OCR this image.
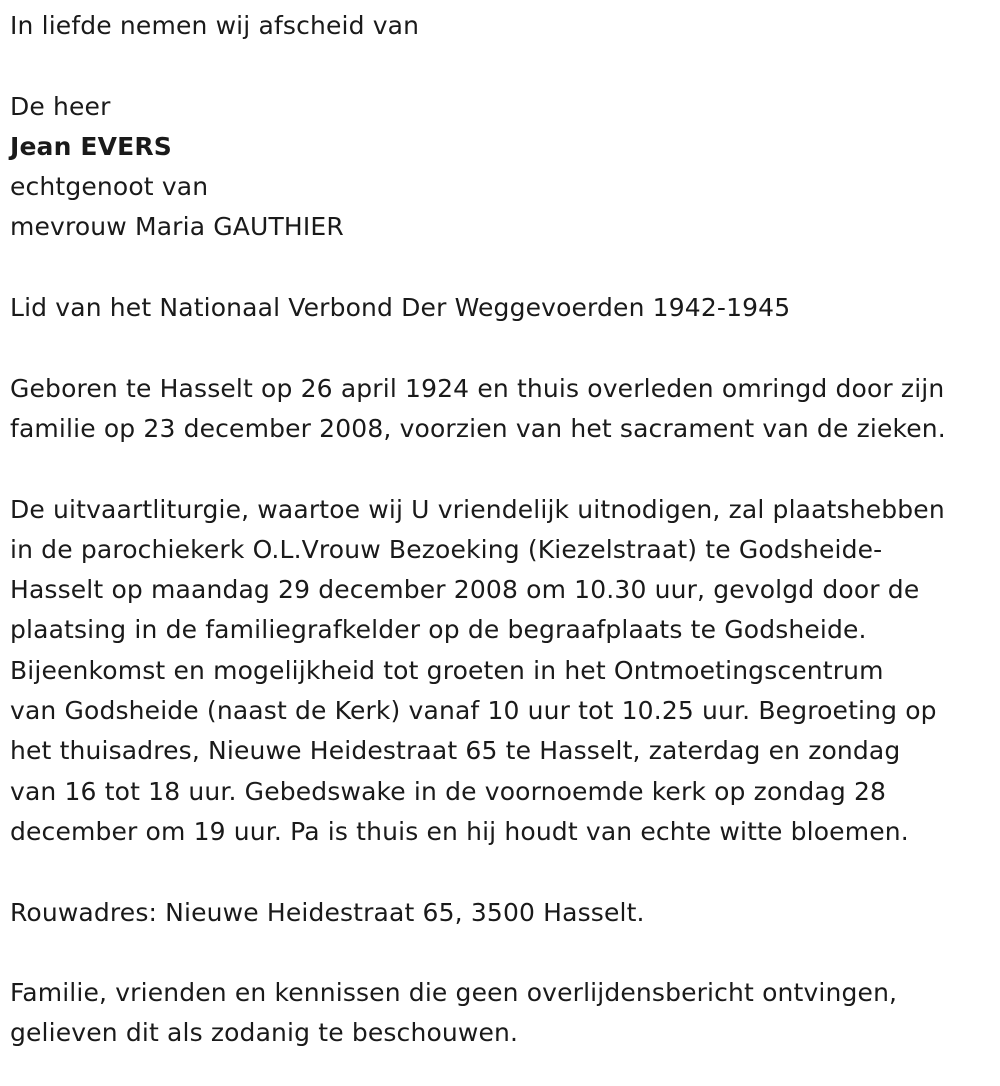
In liefde nemen wij afscheid van
De heer
Jean EVERS
echtgenoot van
mevrouw Maria GAUTHIER
Lid van het Nationaal Verbond Der Weggevoerden 1942-1945
Geboren te Hasselt op 26 april 1924 en thuis overleden omringd door zijn
familie op 23 december 2008, voorzien van het sacrament van de zieken.
De uitvaartliturgie, waartoe wij U vriendelijk uitnodigen, zal plaatshebben
in de parochiekerk O.L.Vrouw Bezoeking (Kiezelstraat) te Godsheide-
Hasselt op maandag 29 december 2008 om 10.30 uur, gevolgd door de
plaatsing in de familiegrafkelder op de begraafplaats te Godsheide.
Bijeenkomst en mogelijkheid tot groeten in het Ontmoetingscentrum
van Godsheide (naast de Kerk) vanaf 10 uur tot 10.25 uur. Begroeting op
het thuisadres, Nieuwe Heidestraat 65 te Hasselt, zaterdag en zondag
van 16 tot 18 uur. Gebedswake in de voornoemde kerk op zondag 28
december om 19 uur. Pa is thuis en hij houdt van echte witte bloemen.
Rouwadres: Nieuwe Heidestraat 65, 3500 Hasselt.
Familie, vrienden en kennissen die geen overlijdensbericht ontvingen,
gelieven dit als zodanig te beschouwen.
